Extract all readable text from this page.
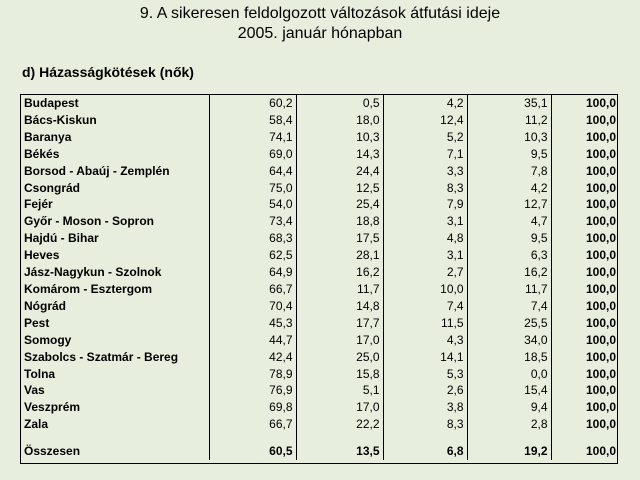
9. A sikeresen feldolgozott változások átfutási ideje
2005. január hónapban
d) Házasságkötések (nők)
Budapest	60,2	0,5	4,2	35,1	100,0
Bács-Kiskun	58,4	18,0	12,4	11,2	100,0
Baranya	74,1	10,3	5,2	10,3	100,0
Békés	69,0	14,3	7,1	9,5	100,0
Borsod - Abaúj - Zemplén	64,4	24,4	3,3	7,8	100,0
Csongrád	75,0	12,5	8,3	4,2	100,0
Fejér	54,0	25,4	7,9	12,7	100,0
Győr - Moson - Sopron	73,4	18,8	3,1	4,7	100,0
Hajdú - Bihar	68,3	17,5	4,8	9,5	100,0
Heves	62,5	28,1	3,1	6,3	100,0
Jász-Nagykun - Szolnok	64,9	16,2	2,7	16,2	100,0
Komárom - Esztergom	66,7	11,7	10,0	11,7	100,0
Nógrád	70,4	14,8	7,4	7,4	100,0
Pest	45,3	17,7	11,5	25,5	100,0
Somogy	44,7	17,0	4,3	34,0	100,0
Szabolcs - Szatmár - Bereg	42,4	25,0	14,1	18,5	100,0
Tolna	78,9	15,8	5,3	0,0	100,0
Vas	76,9	5,1	2,6	15,4	100,0
Veszprém	69,8	17,0	3,8	9,4	100,0
Zala	66,7	22,2	8,3	2,8	100,0

Összesen	60,5	13,5	6,8	19,2	100,0
